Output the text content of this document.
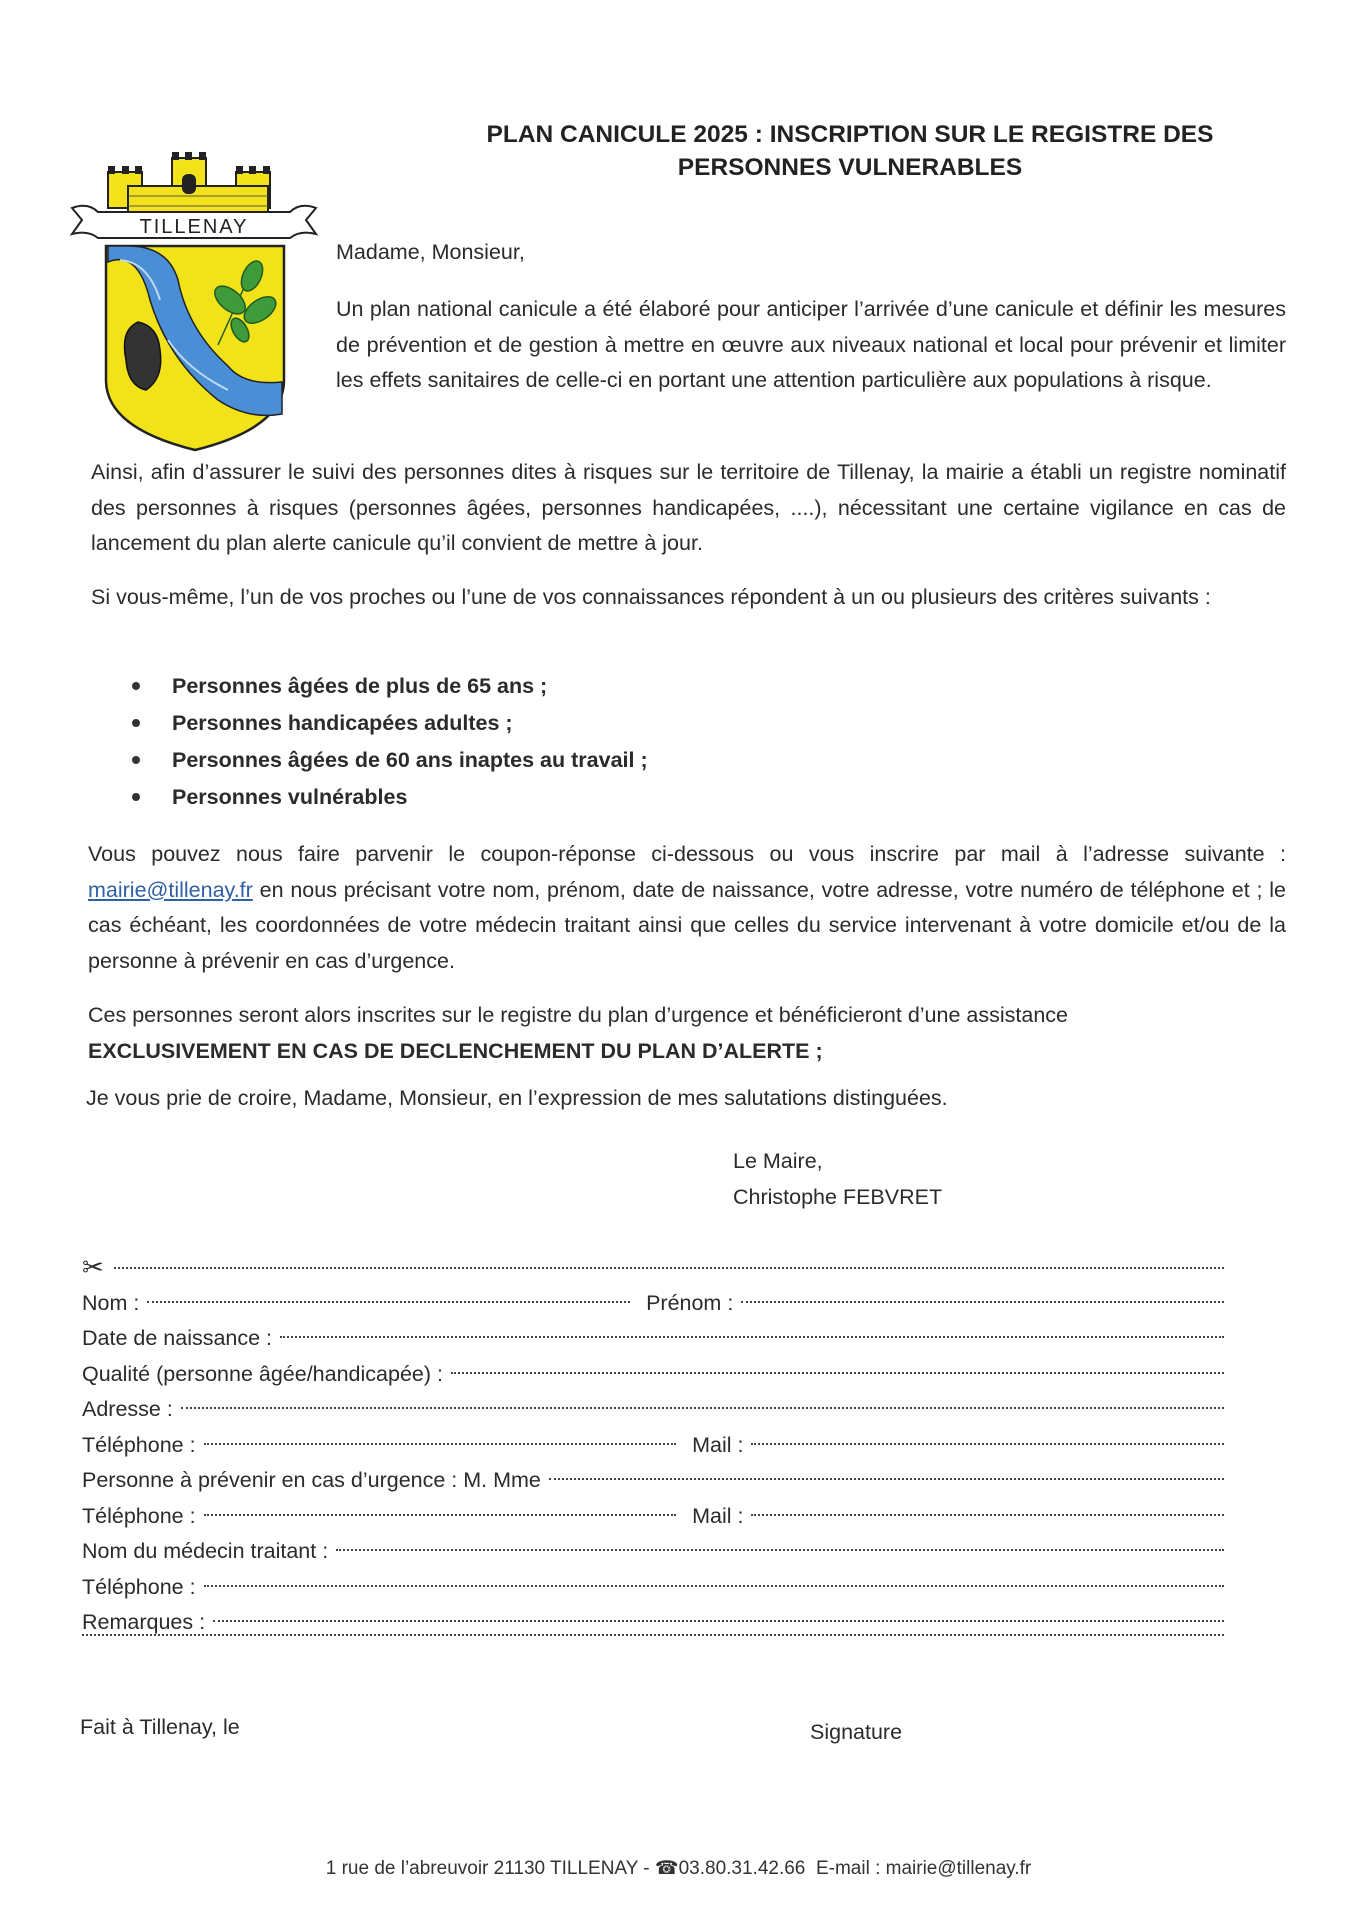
PLAN CANICULE 2025 : INSCRIPTION SUR LE REGISTRE DES
PERSONNES VULNERABLES
TILLENAY
Madame, Monsieur,

Un plan national canicule a été élaboré pour anticiper l’arrivée d’une canicule et définir les mesures de prévention et de gestion à mettre en œuvre aux niveaux national et local pour prévenir et limiter les effets sanitaires de celle-ci en portant une attention particulière aux populations à risque.

Ainsi, afin d’assurer le suivi des personnes dites à risques sur le territoire de Tillenay, la mairie a établi un registre nominatif des personnes à risques (personnes âgées, personnes handicapées, ....), nécessitant une certaine vigilance en cas de lancement du plan alerte canicule qu’il convient de mettre à jour.

Si vous-même, l’un de vos proches ou l’une de vos connaissances répondent à un ou plusieurs des critères suivants :

Personnes âgées de plus de 65 ans ;
Personnes handicapées adultes ;
Personnes âgées de 60 ans inaptes au travail ;
Personnes vulnérables

Vous pouvez nous faire parvenir le coupon-réponse ci-dessous ou vous inscrire par mail à l’adresse suivante : mairie@tillenay.fr en nous précisant votre nom, prénom, date de naissance, votre adresse, votre numéro de téléphone et ; le cas échéant, les coordonnées de votre médecin traitant ainsi que celles du service intervenant à votre domicile et/ou de la personne à prévenir en cas d’urgence.

Ces personnes seront alors inscrites sur le registre du plan d’urgence et bénéficieront d’une assistance
EXCLUSIVEMENT EN CAS DE DECLENCHEMENT DU PLAN D’ALERTE ;

Je vous prie de croire, Madame, Monsieur, en l’expression de mes salutations distinguées.
Le Maire,
Christophe FEBVRET
✂
Nom :	Prénom :
Date de naissance :
Qualité (personne âgée/handicapée) :
Adresse :
Téléphone :	Mail :
Personne à prévenir en cas d’urgence : M. Mme
Téléphone :	Mail :
Nom du médecin traitant :
Téléphone :
Remarques :
Fait à Tillenay, le	Signature
1 rue de l’abreuvoir 21130 TILLENAY - ☎03.80.31.42.66  E-mail : mairie@tillenay.fr
